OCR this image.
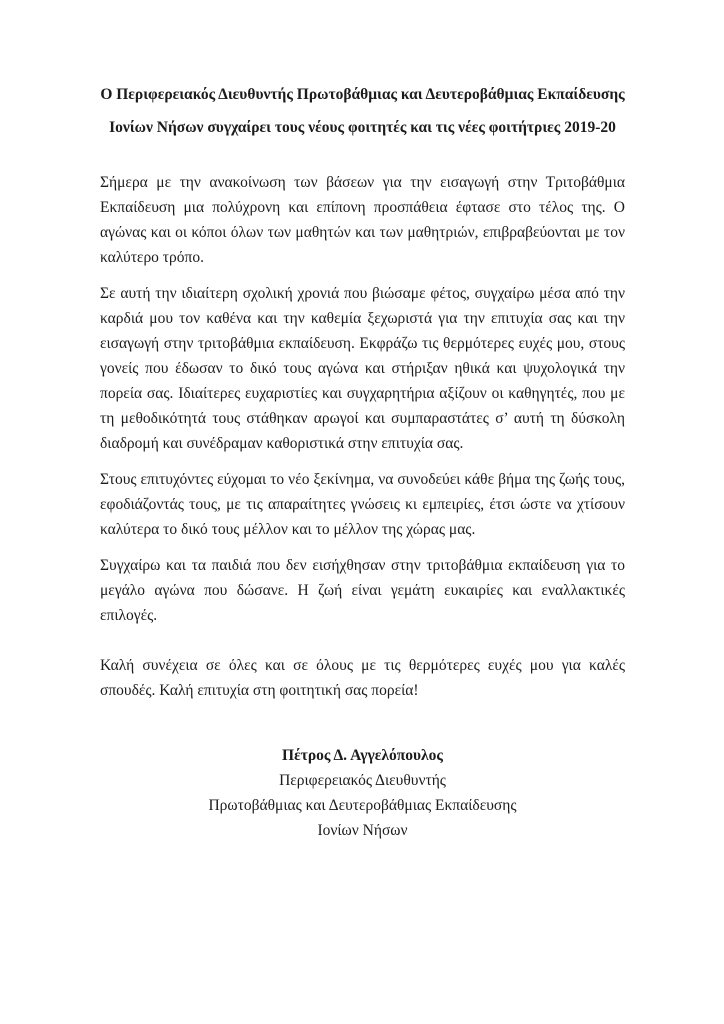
Ο Περιφερειακός Διευθυντής Πρωτοβάθμιας και Δευτεροβάθμιας Εκπαίδευσης
Ιονίων Νήσων συγχαίρει τους νέους φοιτητές και τις νέες φοιτήτριες 2019-20

Σήμερα με την ανακοίνωση των βάσεων για την εισαγωγή στην Τριτοβάθμια Εκπαίδευση μια πολύχρονη και επίπονη προσπάθεια έφτασε στο τέλος της. Ο αγώνας και οι κόποι όλων των μαθητών και των μαθητριών, επιβραβεύονται με τον καλύτερο τρόπο.

Σε αυτή την ιδιαίτερη σχολική χρονιά που βιώσαμε φέτος, συγχαίρω μέσα από την καρδιά μου τον καθένα και την καθεμία ξεχωριστά για την επιτυχία σας και την εισαγωγή στην τριτοβάθμια εκπαίδευση. Εκφράζω τις θερμότερες ευχές μου, στους γονείς που έδωσαν το δικό τους αγώνα και στήριξαν ηθικά και ψυχολογικά την πορεία σας. Ιδιαίτερες ευχαριστίες και συγχαρητήρια αξίζουν οι καθηγητές, που με τη μεθοδικότητά τους στάθηκαν αρωγοί και συμπαραστάτες σ’ αυτή τη δύσκολη διαδρομή και συνέδραμαν καθοριστικά στην επιτυχία σας.

Στους επιτυχόντες εύχομαι το νέο ξεκίνημα, να συνοδεύει κάθε βήμα της ζωής τους, εφοδιάζοντάς τους, με τις απαραίτητες γνώσεις κι εμπειρίες, έτσι ώστε να χτίσουν καλύτερα το δικό τους μέλλον και το μέλλον της χώρας μας.

Συγχαίρω και τα παιδιά που δεν εισήχθησαν στην τριτοβάθμια εκπαίδευση για το μεγάλο αγώνα που δώσανε. Η ζωή είναι γεμάτη ευκαιρίες και εναλλακτικές επιλογές.

Καλή συνέχεια σε όλες και σε όλους με τις θερμότερες ευχές μου για καλές σπουδές. Καλή επιτυχία στη φοιτητική σας πορεία!

Πέτρος Δ. Αγγελόπουλος
Περιφερειακός Διευθυντής
Πρωτοβάθμιας και Δευτεροβάθμιας Εκπαίδευσης
Ιονίων Νήσων
